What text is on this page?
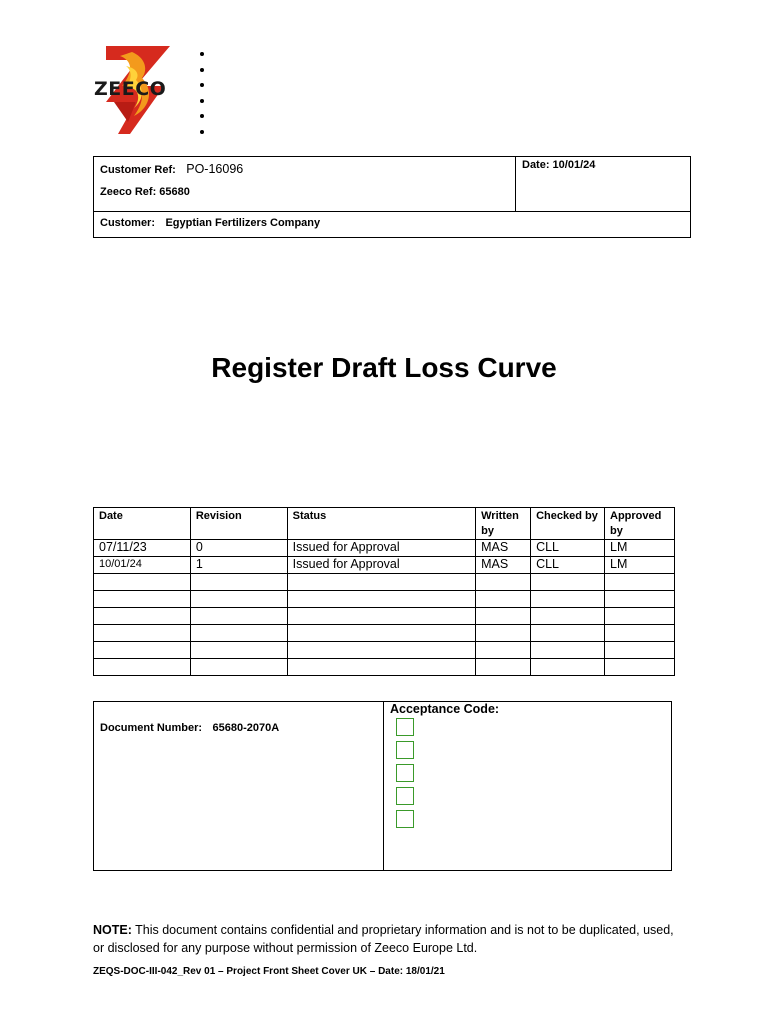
ZEECO
Customer Ref: PO-16096
Zeeco Ref: 65680
Date: 10/01/24
Customer: Egyptian Fertilizers Company
Register Draft Loss Curve
Date	Revision	Status	Written by	Checked by	Approved by
07/11/23	0	Issued for Approval	MAS	CLL	LM
10/01/24	1	Issued for Approval	MAS	CLL	LM

Document Number: 65680-2070A
Acceptance Code:
NOTE: This document contains confidential and proprietary information and is not to be duplicated, used, or disclosed for any purpose without permission of Zeeco Europe Ltd.
ZEQS-DOC-III-042_Rev 01 – Project Front Sheet Cover UK – Date: 18/01/21
